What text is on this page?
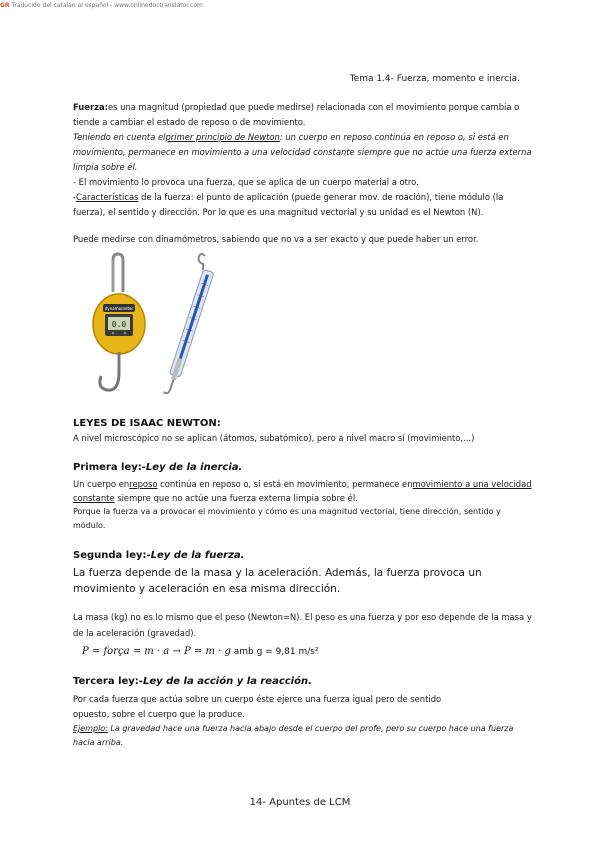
GR Traducido del catalán al español - www.onlinedoctranslator.com
Tema 1.4- Fuerza, momento e inercia.

Fuerza:es una magnitud (propiedad que puede medirse) relacionada con el movimiento porque cambia o tiende a cambiar el estado de reposo o de movimiento.

Teniendo en cuenta elprimer principio de Newton: un cuerpo en reposo continúa en reposo o, si está en movimiento, permanece en movimiento a una velocidad constante siempre que no actúe una fuerza externa limpia sobre él.

- El movimiento lo provoca una fuerza, que se aplica de un cuerpo material a otro.

-Características de la fuerza: el punto de aplicación (puede generar mov. de roación), tiene módulo (la fuerza), el sentido y dirección. Por lo que es una magnitud vectorial y su unidad es el Newton (N).

Puede medirse con dinamómetros, sabiendo que no va a ser exacto y que puede haber un error.

dynamometer
0.0
LEYES DE ISAAC NEWTON:

A nivel microscópico no se aplican (átomos, subatómico), pero a nivel macro sí (movimiento,...)

Primera ley:-Ley de la inercia.

Un cuerpo enreposo continúa en reposo o, si está en movimiento, permanece enmovimiento a una velocidad constante siempre que no actúe una fuerza externa limpia sobre él.

Porque la fuerza va a provocar el movimiento y cómo es una magnitud vectorial, tiene dirección, sentido y módulo.

Segunda ley:-Ley de la fuerza.

La fuerza depende de la masa y la aceleración. Además, la fuerza provoca un movimiento y aceleración en esa misma dirección.

La masa (kg) no es lo mismo que el peso (Newton=N). El peso es una fuerza y por eso depende de la masa y de la aceleración (gravedad).

P = força = m · a → P = m · g amb g = 9,81 m/s²
Tercera ley:-Ley de la acción y la reacción.

Por cada fuerza que actúa sobre un cuerpo éste ejerce una fuerza igual pero de sentido opuesto, sobre el cuerpo que la produce.

Ejemplo: La gravedad hace una fuerza hacia abajo desde el cuerpo del profe, pero su cuerpo hace una fuerza hacia arriba.

14- Apuntes de LCM
